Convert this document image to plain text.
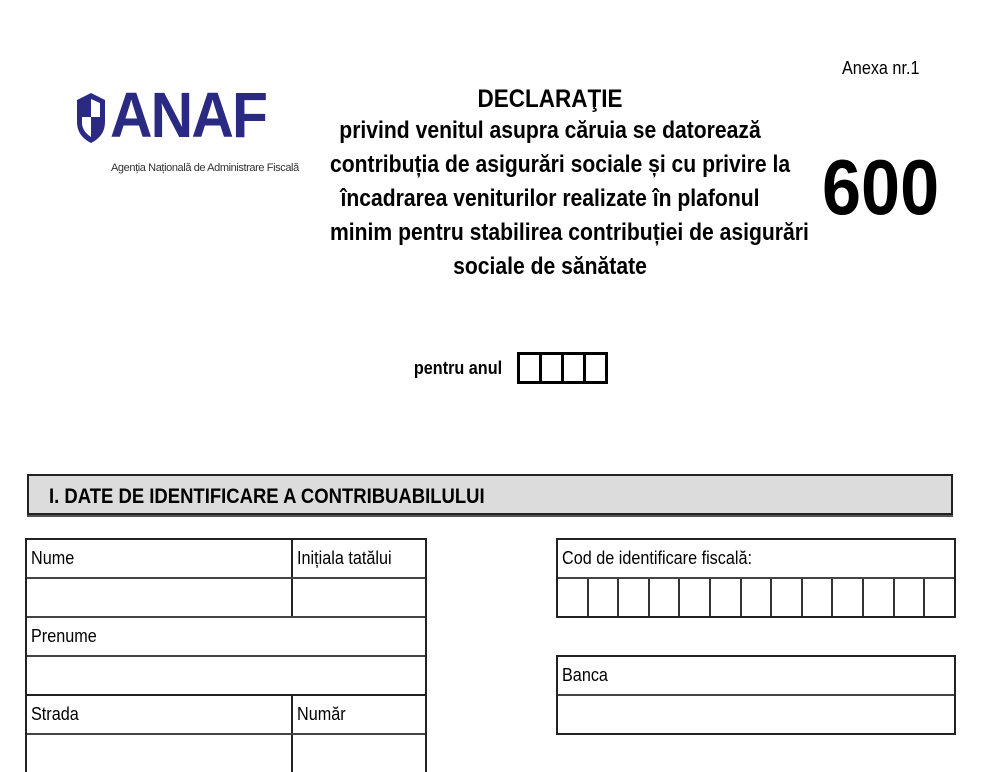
ANAF
Agenția Națională de Administrare Fiscală
DECLARAŢIE
privind venitul asupra căruia se datorează
contribuția de asigurări sociale și cu privire la
încadrarea veniturilor realizate în plafonul
minim pentru stabilirea contribuției de asigurări
sociale de sănătate
Anexa nr.1
600
pentru anul
I. DATE DE IDENTIFICARE A CONTRIBUABILULUI
Nume	Inițiala tatălui
Prenume
Strada	Număr
Cod de identificare fiscală:
Banca
